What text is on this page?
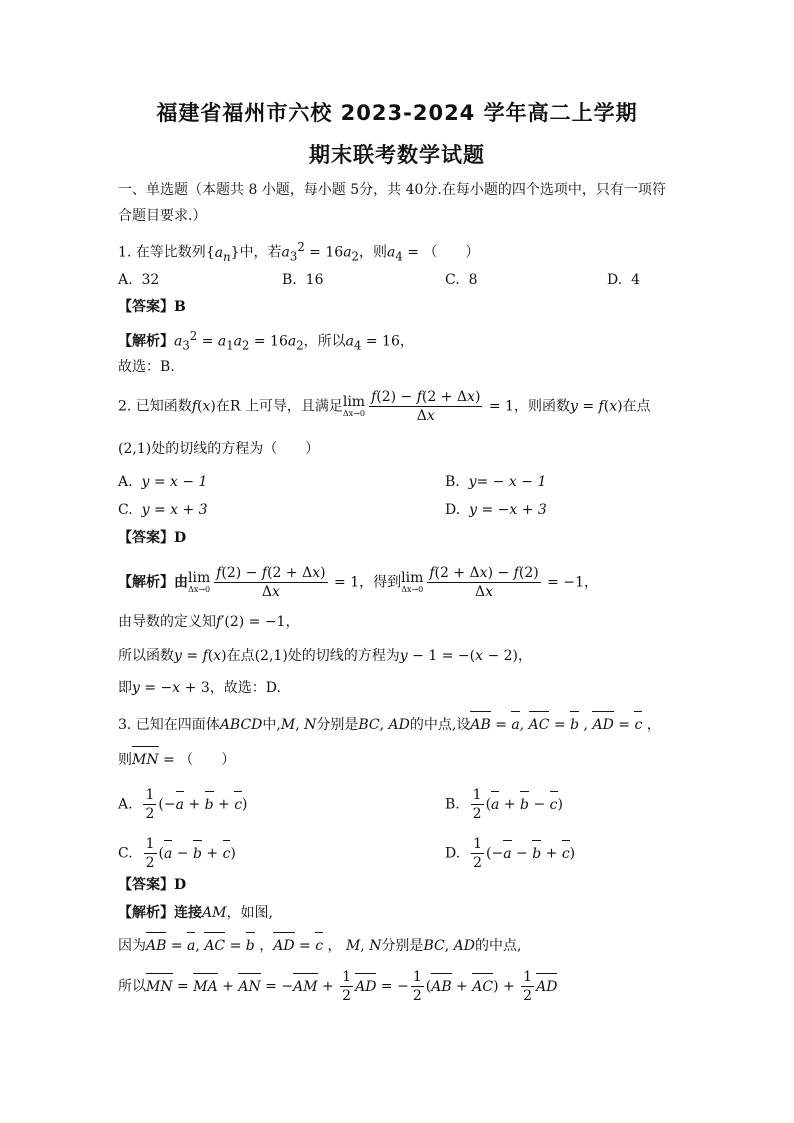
福建省福州市六校 2023-2024 学年高二上学期
期末联考数学试题
一、单选题（本题共 8 小题，每小题 5分，共 40分.在每小题的四个选项中，只有一项符
合题目要求.）
1. 在等比数列$\{a_n\}$中，若$a_3^2 = 16a_2$，则$a_4$ = （　　）
A. 32	B. 16	C. 8	D. 4
【答案】B
【解析】$a_3^2 = a_1a_2 = 16a_2$，所以$a_4 = 16$，
故选：B.
2. 已知函数f(x)在R 上可导，且满足lim
$\Delta x\to 0 \frac{f(2) - f(2 + \Delta x)}{\Delta x} = 1$，则函数y = f(x)在点
(2,1)处的切线的方程为（　　）
A. y = x − 1	B. y= − x − 1
C. y = x + 3	D. y = −x + 3
【答案】D
【解析】由lim
$\Delta x\to 0 \frac{f(2) - f(2 + \Delta x)}{\Delta x} = 1$，得到lim
$\Delta x\to 0 \frac{f(2 + \Delta x) - f(2)}{\Delta x} = -1$，
由导数的定义知f′(2) = −1，
所以函数y = f(x)在点(2,1)处的切线的方程为y − 1 = −(x − 2)，
即y = −x + 3，故选：D.
3. 已知在四面体ABCD中,M, N分别是BC, AD的中点,设AB = a, AC = b , AD = c ，
则MN = （　　）
A. $\frac{1}{2} (-a + b + c)$	B. $\frac{1}{2} (a + b - c)$
C. $\frac{1}{2} (a - b + c)$	D. $\frac{1}{2} (-a - b + c)$
【答案】D
【解析】连接AM，如图,
因为AB = a, AC = b ，AD = c ， M, N分别是BC, AD的中点,
所以MN = MA + AN = $-AM + \frac{1}{2}$ AD = − $\frac{1}{2} (AB + AC) + \frac{1}{2}$ AD
